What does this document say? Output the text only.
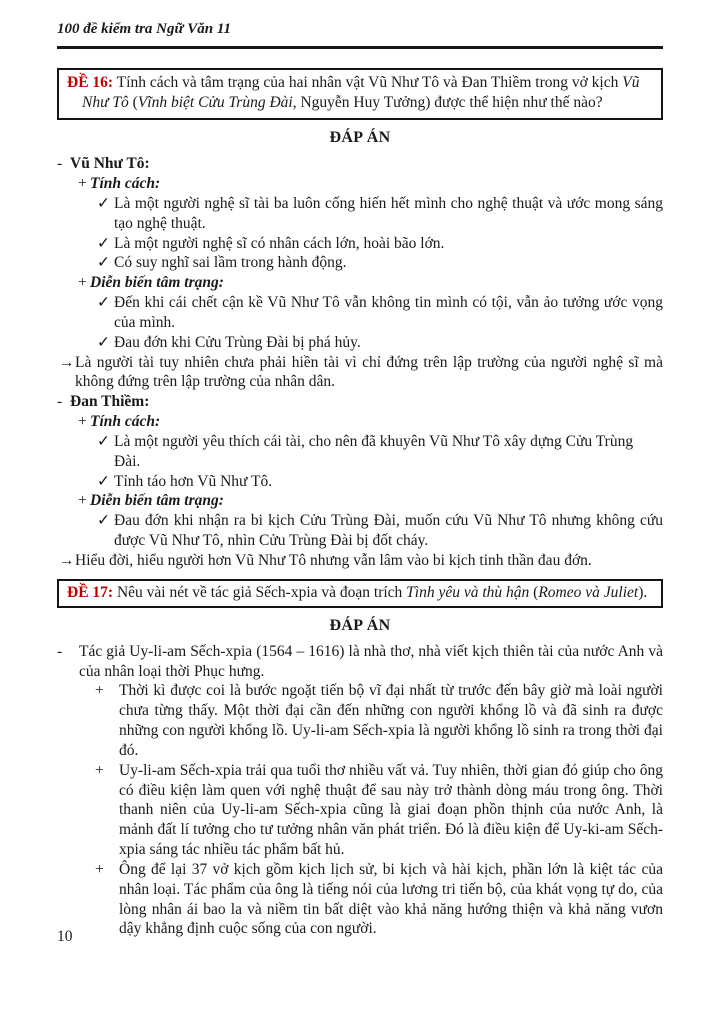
100 đề kiểm tra Ngữ Văn 11
ĐỀ 16: Tính cách và tâm trạng của hai nhân vật Vũ Như Tô và Đan Thiềm trong vở kịch Vũ Như Tô (Vĩnh biệt Cửu Trùng Đài, Nguyễn Huy Tưởng) được thể hiện như thế nào?
ĐÁP ÁN
- Vũ Như Tô:
+ Tính cách:
✓ Là một người nghệ sĩ tài ba luôn cống hiến hết mình cho nghệ thuật và ước mong sáng tạo nghệ thuật.
✓ Là một người nghệ sĩ có nhân cách lớn, hoài bão lớn.
✓ Có suy nghĩ sai lầm trong hành động.
+ Diễn biến tâm trạng:
✓ Đến khi cái chết cận kề Vũ Như Tô vẫn không tin mình có tội, vẫn ảo tưởng ước vọng của mình.
✓ Đau đớn khi Cửu Trùng Đài bị phá hủy.
→ Là người tài tuy nhiên chưa phải hiền tài vì chỉ đứng trên lập trường của người nghệ sĩ mà không đứng trên lập trường của nhân dân.
- Đan Thiềm:
+ Tính cách:
✓ Là một người yêu thích cái tài, cho nên đã khuyên Vũ Như Tô xây dựng Cửu Trùng Đài.
✓ Tỉnh táo hơn Vũ Như Tô.
+ Diễn biến tâm trạng:
✓ Đau đớn khi nhận ra bi kịch Cửu Trùng Đài, muốn cứu Vũ Như Tô nhưng không cứu được Vũ Như Tô, nhìn Cửu Trùng Đài bị đốt cháy.
→ Hiểu đời, hiểu người hơn Vũ Như Tô nhưng vẫn lâm vào bi kịch tinh thần đau đớn.
ĐỀ 17: Nêu vài nét về tác giả Sếch-xpia và đoạn trích Tình yêu và thù hận (Romeo và Juliet).
ĐÁP ÁN
-	Tác giả Uy-li-am Sếch-xpia (1564 – 1616) là nhà thơ, nhà viết kịch thiên tài của nước Anh và của nhân loại thời Phục hưng.
+ Thời kì được coi là bước ngoặt tiến bộ vĩ đại nhất từ trước đến bây giờ mà loài người chưa từng thấy. Một thời đại cần đến những con người khổng lồ và đã sinh ra được những con người khổng lồ. Uy-li-am Sếch-xpia là người khổng lồ sinh ra trong thời đại đó.
+ Uy-li-am Sếch-xpia trải qua tuổi thơ nhiều vất vả. Tuy nhiên, thời gian đó giúp cho ông có điều kiện làm quen với nghệ thuật để sau này trở thành dòng máu trong ông. Thời thanh niên của Uy-li-am Sếch-xpia cũng là giai đoạn phồn thịnh của nước Anh, là mảnh đất lí tưởng cho tư tưởng nhân văn phát triển. Đó là điều kiện để Uy-ki-am Sếch-xpia sáng tác nhiều tác phẩm bất hủ.
+ Ông để lại 37 vở kịch gồm kịch lịch sử, bi kịch và hài kịch, phần lớn là kiệt tác của nhân loại. Tác phẩm của ông là tiếng nói của lương tri tiến bộ, của khát vọng tự do, của lòng nhân ái bao la và niềm tin bất diệt vào khả năng hướng thiện và khả năng vươn dậy khẳng định cuộc sống của con người.
10
